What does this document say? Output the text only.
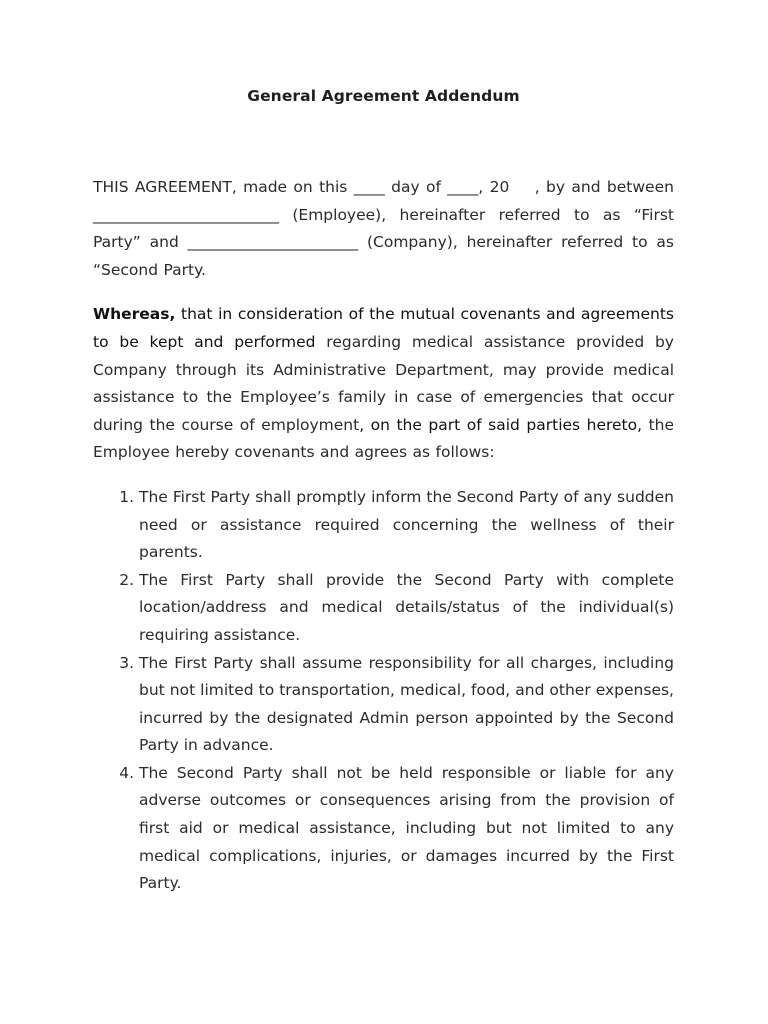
General Agreement Addendum

THIS AGREEMENT, made on this ____ day of ____, 20 , by and between ________________________ (Employee), hereinafter referred to as “First Party” and ______________________ (Company), hereinafter referred to as “Second Party.

Whereas, that in consideration of the mutual covenants and agreements to be kept and performed regarding medical assistance provided by Company through its Administrative Department, may provide medical assistance to the Employee’s family in case of emergencies that occur during the course of employment, on the part of said parties hereto, the Employee hereby covenants and agrees as follows:

1. The First Party shall promptly inform the Second Party of any sudden need or assistance required concerning the wellness of their parents.
2. The First Party shall provide the Second Party with complete location/address and medical details/status of the individual(s) requiring assistance.
3. The First Party shall assume responsibility for all charges, including but not limited to transportation, medical, food, and other expenses, incurred by the designated Admin person appointed by the Second Party in advance.
4. The Second Party shall not be held responsible or liable for any adverse outcomes or consequences arising from the provision of first aid or medical assistance, including but not limited to any medical complications, injuries, or damages incurred by the First Party.
